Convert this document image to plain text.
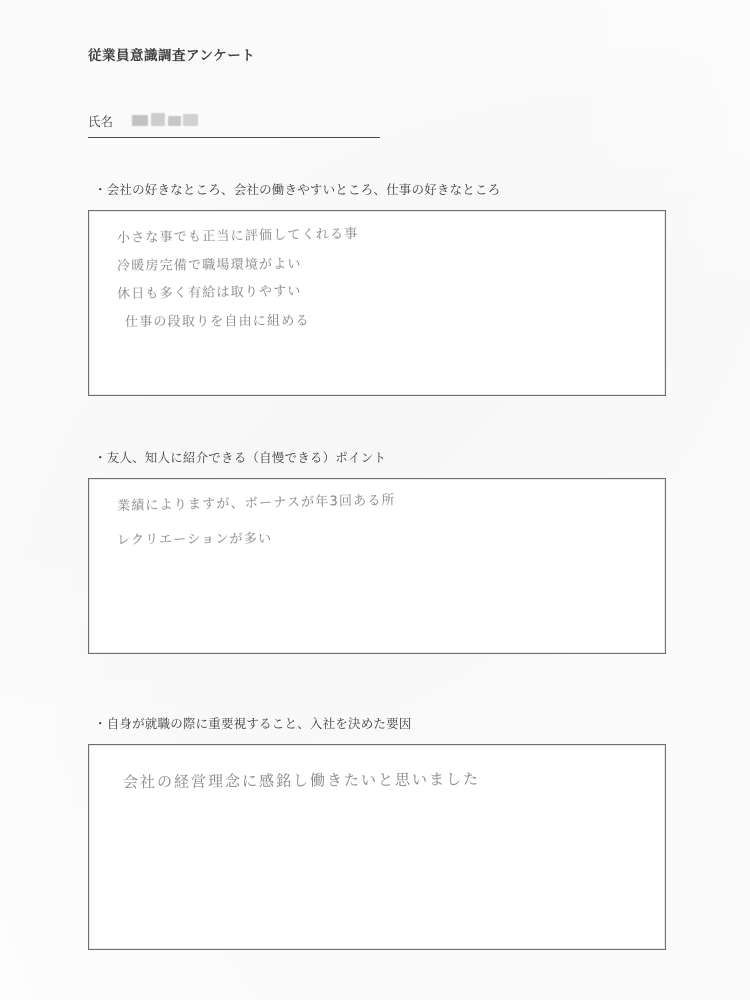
従業員意識調査アンケート
氏名
・会社の好きなところ、会社の働きやすいところ、仕事の好きなところ
小さな事でも正当に評価してくれる事
冷暖房完備で職場環境がよい
休日も多く有給は取りやすい
仕事の段取りを自由に組める
・友人、知人に紹介できる（自慢できる）ポイント
業績によりますが、ボーナスが年3回ある所
レクリエーションが多い
・自身が就職の際に重要視すること、入社を決めた要因
会社の経営理念に感銘し働きたいと思いました
